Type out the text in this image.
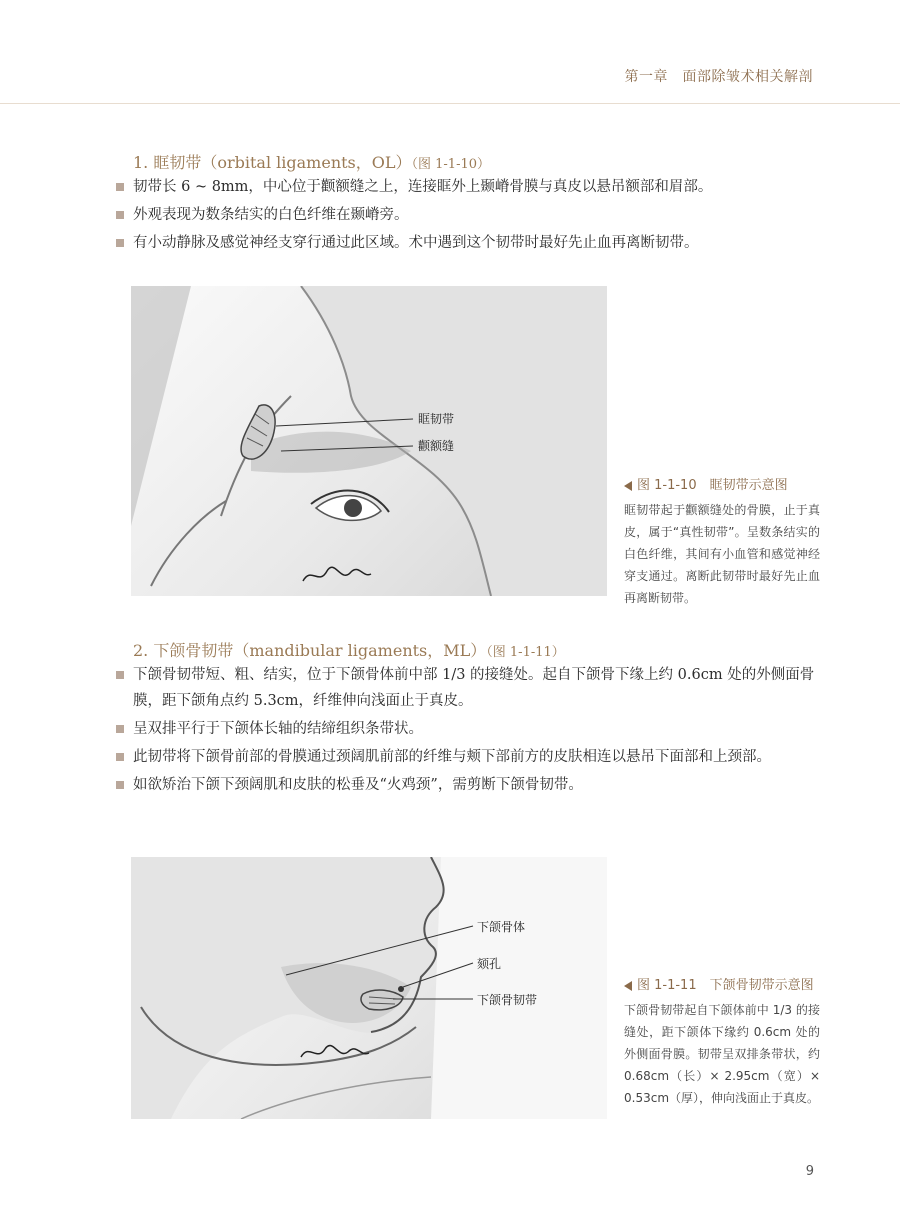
第一章　面部除皱术相关解剖
1. 眶韧带（orbital ligaments，OL）（图 1-1-10）
韧带长 6 ~ 8mm，中心位于颧额缝之上，连接眶外上颞嵴骨膜与真皮以悬吊额部和眉部。
外观表现为数条结实的白色纤维在颞嵴旁。
有小动静脉及感觉神经支穿行通过此区域。术中遇到这个韧带时最好先止血再离断韧带。
眶韧带
颧额缝
图 1-1-10　眶韧带示意图
眶韧带起于颧额缝处的骨膜，止于真皮，属于“真性韧带”。呈数条结实的白色纤维，其间有小血管和感觉神经穿支通过。离断此韧带时最好先止血再离断韧带。
2. 下颌骨韧带（mandibular ligaments，ML）（图 1-1-11）
下颌骨韧带短、粗、结实，位于下颌骨体前中部 1/3 的接缝处。起自下颌骨下缘上约 0.6cm 处的外侧面骨膜，距下颌角点约 5.3cm，纤维伸向浅面止于真皮。
呈双排平行于下颌体长轴的结缔组织条带状。
此韧带将下颌骨前部的骨膜通过颈阔肌前部的纤维与颊下部前方的皮肤相连以悬吊下面部和上颈部。
如欲矫治下颌下颈阔肌和皮肤的松垂及“火鸡颈”，需剪断下颌骨韧带。
下颌骨体
颏孔
下颌骨韧带
图 1-1-11　下颌骨韧带示意图
下颌骨韧带起自下颌体前中 1/3 的接缝处，距下颌体下缘约 0.6cm 处的外侧面骨膜。韧带呈双排条带状，约 0.68cm（长）× 2.95cm（宽）× 0.53cm（厚），伸向浅面止于真皮。
9
